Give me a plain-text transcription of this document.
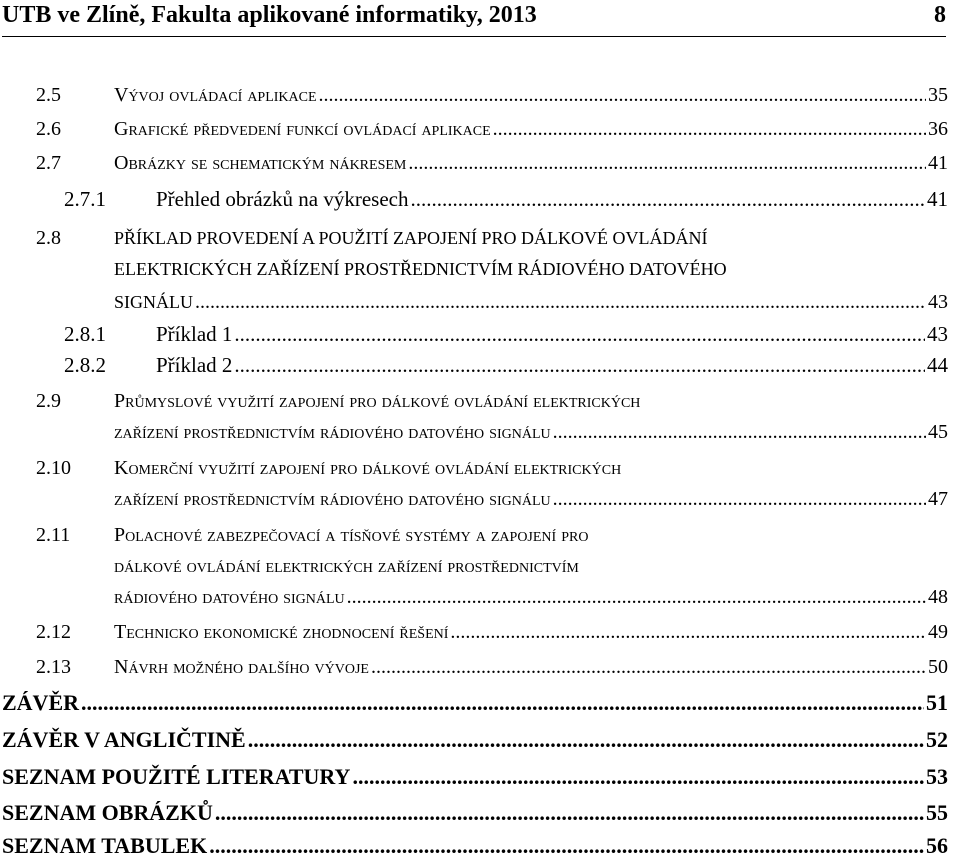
UTB ve Zlíně, Fakulta aplikované informatiky, 2013	8
2.5	Vývoj ovládací aplikace .....	35
2.6	Grafické předvedení funkcí ovládací aplikace .....	36
2.7	Obrázky se schematickým nákresem .....	41
2.7.1	Přehled obrázků na výkresech .....	41
2.8	PŘÍKLAD PROVEDENÍ A POUŽITÍ ZAPOJENÍ PRO DÁLKOVÉ OVLÁDÁNÍ
ELEKTRICKÝCH ZAŘÍZENÍ PROSTŘEDNICTVÍM RÁDIOVÉHO DATOVÉHO
SIGNÁLU .....	43
2.8.1	Příklad 1 .....	43
2.8.2	Příklad 2 .....	44
2.9	Průmyslové využití zapojení pro dálkové ovládání elektrických
zařízení prostřednictvím rádiového datového signálu .....	45
2.10	Komerční využití zapojení pro dálkové ovládání elektrických
zařízení prostřednictvím rádiového datového signálu .....	47
2.11	Polachové zabezpečovací a tísňové systémy a zapojení pro
dálkové ovládání elektrických zařízení prostřednictvím
rádiového datového signálu .....	48
2.12	Technicko ekonomické zhodnocení řešení .....	49
2.13	Návrh možného dalšího vývoje .....	50
ZÁVĚR .....	51
ZÁVĚR V ANGLIČTINĚ .....	52
SEZNAM POUŽITÉ LITERATURY .....	53
SEZNAM OBRÁZKŮ .....	55
SEZNAM TABULEK .....	56
